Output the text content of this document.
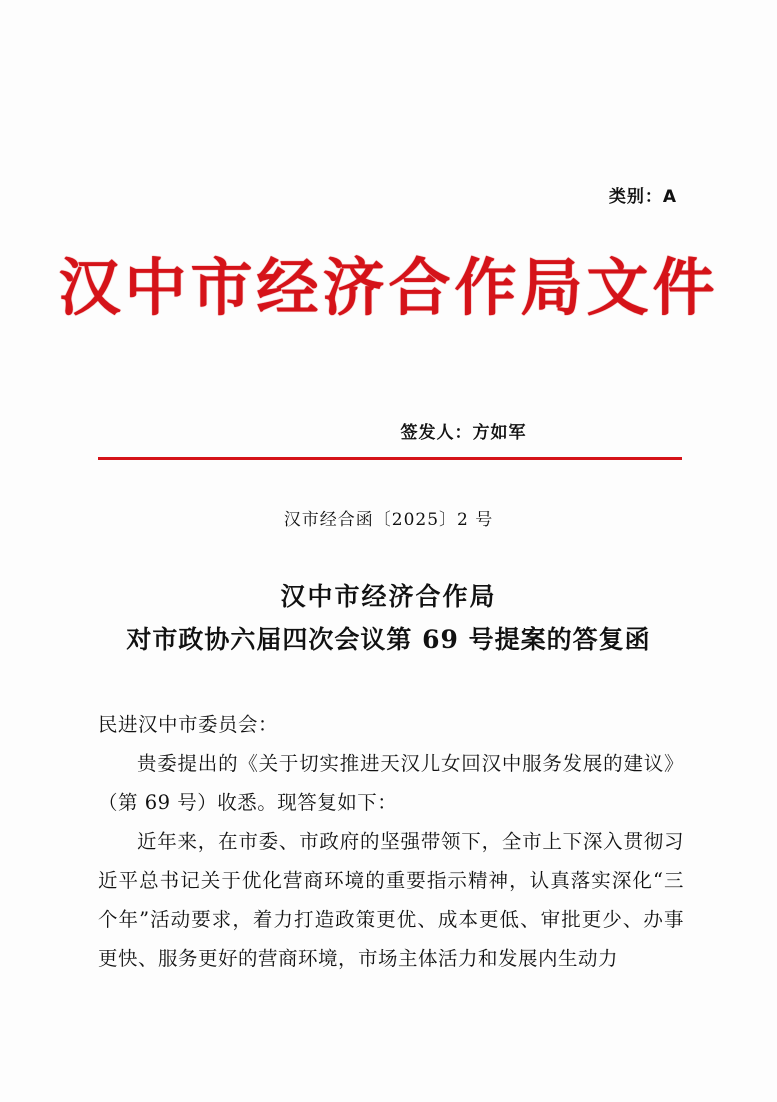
类别：A
汉中市经济合作局文件
签发人：方如军
汉市经合函〔2025〕2 号
汉中市经济合作局
对市政协六届四次会议第 69 号提案的答复函

民进汉中市委员会：

贵委提出的《关于切实推进天汉儿女回汉中服务发展的建议》（第 69 号）收悉。现答复如下：

近年来，在市委、市政府的坚强带领下，全市上下深入贯彻习近平总书记关于优化营商环境的重要指示精神，认真落实深化“三个年”活动要求，着力打造政策更优、成本更低、审批更少、办事更快、服务更好的营商环境，市场主体活力和发展内生动力
